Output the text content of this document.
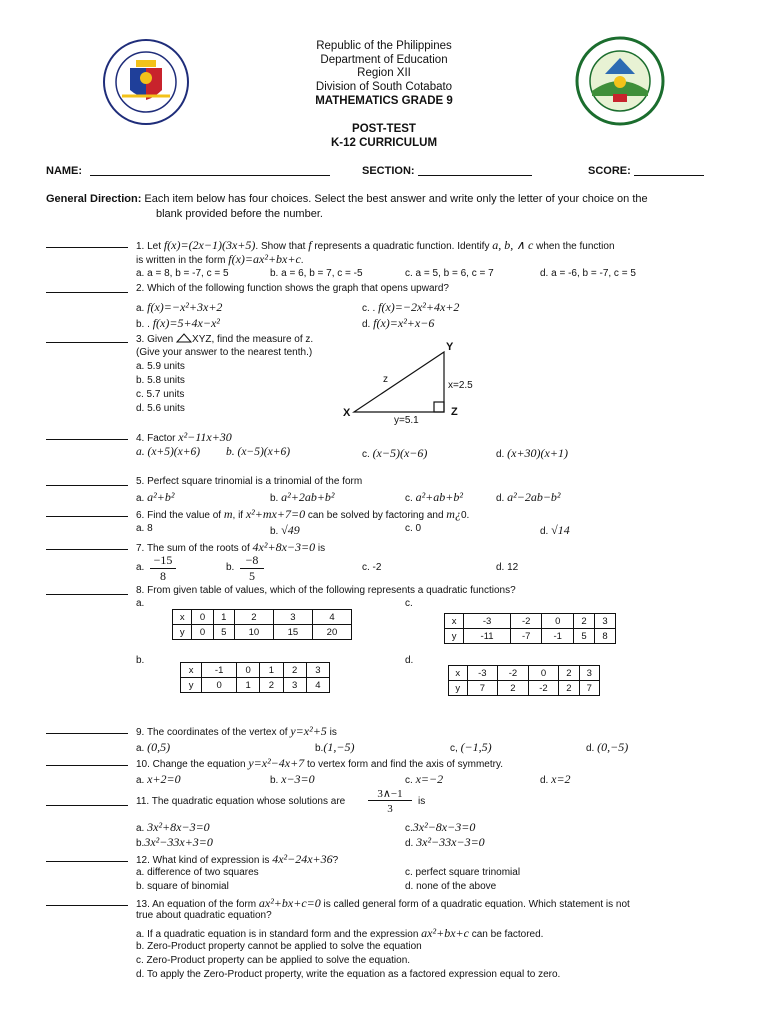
Republic of the Philippines
Department of Education
Region XII
Division of South Cotabato
MATHEMATICS GRADE 9
POST-TEST
K-12 CURRICULUM
NAME:	SECTION:	SCORE:
General Direction: Each item below has four choices. Select the best answer and write only the letter of your choice on the
blank provided before the number.
1. Let f(x)=(2x−1)(3x+5). Show that f represents a quadratic function. Identify a, b, ∧ c when the function
is written in the form f(x)=ax²+bx+c.
a. a = 8, b = -7, c = 5	b. a = 6, b = 7, c = -5	c. a = 5, b = 6, c = 7	d. a = -6, b = -7, c = 5
2. Which of the following function shows the graph that opens upward?
a. f(x)=−x²+3x+2	c. . f(x)=−2x²+4x+2
b. . f(x)=5+4x−x²	d. f(x)=x²+x−6
3. Given XYZ, find the measure of z.
(Give your answer to the nearest tenth.)
a. 5.9 units
b. 5.8 units
c. 5.7 units
d. 5.6 units
Y
X	Z
z
x=2.5
y=5.1
4. Factor x²−11x+30
a. (x+5)(x+6) b. (x−5)(x+6)	c. (x−5)(x−6)	d. (x+30)(x+1)
5. Perfect square trinomial is a trinomial of the form
a. a²+b²	b. a²+2ab+b²	c. a²+ab+b²	d. a²−2ab−b²
6. Find the value of m, if x²+mx+7=0 can be solved by factoring and m¿0.
a. 8	b. √49	c. 0	d. √14
7. The sum of the roots of 4x²+8x−3=0 is
a.
−15
8
b.
−8
5
c. -2	d. 12
8. From given table of values, which of the following represents a quadratic functions?
a.	c.
b.	d.
x	0	1	2	3	4
y	0	5	10	15	20
x	-3	-2	0	2	3
y	-11	-7	-1	5	8
x	-1	0	1	2	3
y	0	1	2	3	4
x	-3	-2	0	2	3
y	7	2	-2	2	7
9. The coordinates of the vertex of y=x²+5 is
a. (0,5)	b.(1,−5)	c, (−1,5)	d. (0,−5)
10. Change the equation y=x²−4x+7 to vertex form and find the axis of symmetry.
a. x+2=0	b. x−3=0	c. x=−2	d. x=2
11. The quadratic equation whose solutions are
3∧−1
3
is
a. 3x²+8x−3=0	c.3x²−8x−3=0
b.3x²−33x+3=0	d. 3x²−33x−3=0
12. What kind of expression is 4x²−24x+36?
a. difference of two squares	c. perfect square trinomial
b. square of binomial	d. none of the above
13. An equation of the form ax²+bx+c=0 is called general form of a quadratic equation. Which statement is not
true about quadratic equation?
a. If a quadratic equation is in standard form and the expression ax²+bx+c can be factored.
b. Zero-Product property cannot be applied to solve the equation
c. Zero-Product property can be applied to solve the equation.
d. To apply the Zero-Product property, write the equation as a factored expression equal to zero.
